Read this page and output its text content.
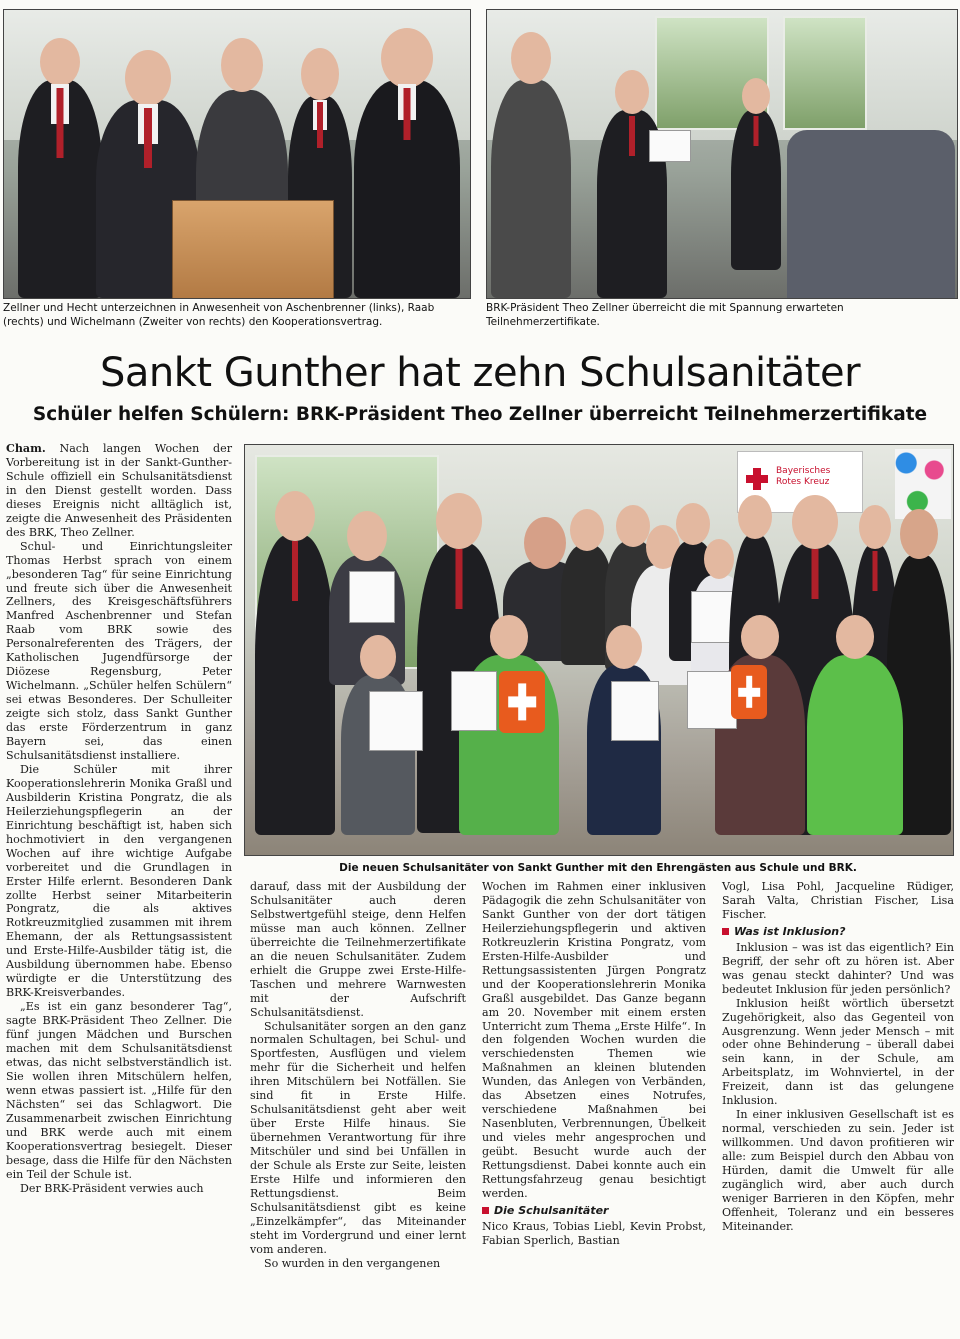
Zellner und Hecht unterzeichnen in Anwesenheit von Aschenbrenner (links), Raab (rechts) und Wichelmann (Zweiter von rechts) den Kooperationsvertrag.
BRK-Präsident Theo Zellner überreicht die mit Spannung erwarteten Teilnehmerzertifikate.
Sankt Gunther hat zehn Schulsanitäter
Schüler helfen Schülern: BRK-Präsident Theo Zellner überreicht Teilnehmerzertifikate

Cham. Nach langen Wochen der Vorbereitung ist in der Sankt-Gunther-Schule offiziell ein Schulsanitätsdienst in den Dienst gestellt worden. Dass dieses Ereignis nicht alltäglich ist, zeigte die Anwesenheit des Präsidenten des BRK, Theo Zellner.

Schul- und Einrichtungsleiter Thomas Herbst sprach von einem „besonderen Tag“ für seine Einrichtung und freute sich über die Anwesenheit Zellners, des Kreisgeschäftsführers Manfred Aschenbrenner und Stefan Raab vom BRK sowie des Personalreferenten des Trägers, der Katholischen Jugendfürsorge der Diözese Regensburg, Peter Wichelmann. „Schüler helfen Schülern“ sei etwas Besonderes. Der Schulleiter zeigte sich stolz, dass Sankt Gunther das erste Förderzentrum in ganz Bayern sei, das einen Schulsanitätsdienst installiere.

Die Schüler mit ihrer Kooperationslehrerin Monika Graßl und Ausbilderin Kristina Pongratz, die als Heilerziehungspflegerin an der Einrichtung beschäftigt ist, haben sich hochmotiviert in den vergangenen Wochen auf ihre wichtige Aufgabe vorbereitet und die Grundlagen in Erster Hilfe erlernt. Besonderen Dank zollte Herbst seiner Mitarbeiterin Pongratz, die als aktives Rotkreuzmitglied zusammen mit ihrem Ehemann, der als Rettungsassistent und Erste-Hilfe-Ausbilder tätig ist, die Ausbildung übernommen habe. Ebenso würdigte er die Unterstützung des BRK-Kreisverbandes.

„Es ist ein ganz besonderer Tag“, sagte BRK-Präsident Theo Zellner. Die fünf jungen Mädchen und Burschen machen mit dem Schulsanitätsdienst etwas, das nicht selbstverständlich ist. Sie wollen ihren Mitschülern helfen, wenn etwas passiert ist. „Hilfe für den Nächsten“ sei das Schlagwort. Die Zusammenarbeit zwischen Einrichtung und BRK werde auch mit einem Kooperationsvertrag besiegelt. Dieser besage, dass die Hilfe für den Nächsten ein Teil der Schule ist.

Der BRK-Präsident verwies auch

Bayerisches Rotes Kreuz
Die neuen Schulsanitäter von Sankt Gunther mit den Ehrengästen aus Schule und BRK.

darauf, dass mit der Ausbildung der Schulsanitäter auch deren Selbstwertgefühl steige, denn Helfen müsse man auch können. Zellner überreichte die Teilnehmerzertifikate an die neuen Schulsanitäter. Zudem erhielt die Gruppe zwei Erste-Hilfe-Taschen und mehrere Warnwesten mit der Aufschrift Schulsanitätsdienst.

Schulsanitäter sorgen an den ganz normalen Schultagen, bei Schul- und Sportfesten, Ausflügen und vielem mehr für die Sicherheit und helfen ihren Mitschülern bei Notfällen. Sie sind fit in Erste Hilfe. Schulsanitätsdienst geht aber weit über Erste Hilfe hinaus. Sie übernehmen Verantwortung für ihre Mitschüler und sind bei Unfällen in der Schule als Erste zur Seite, leisten Erste Hilfe und informieren den Rettungsdienst. Beim Schulsanitätsdienst gibt es keine „Einzelkämpfer“, das Miteinander steht im Vordergrund und einer lernt vom anderen.

So wurden in den vergangenen

Wochen im Rahmen einer inklusiven Pädagogik die zehn Schulsanitäter von Sankt Gunther von der dort tätigen Heilerziehungspflegerin und aktiven Rotkreuzlerin Kristina Pongratz, vom Ersten-Hilfe-Ausbilder und Rettungsassistenten Jürgen Pongratz und der Kooperationslehrerin Monika Graßl ausgebildet. Das Ganze begann am 20. November mit einem ersten Unterricht zum Thema „Erste Hilfe“. In den folgenden Wochen wurden die verschiedensten Themen wie Maßnahmen an kleinen blutenden Wunden, das Anlegen von Verbänden, das Absetzen eines Notrufes, verschiedene Maßnahmen bei Nasenbluten, Verbrennungen, Übelkeit und vieles mehr angesprochen und geübt. Besucht wurde auch der Rettungsdienst. Dabei konnte auch ein Rettungsfahrzeug genau besichtigt werden.

Die Schulsanitäter

Nico Kraus, Tobias Liebl, Kevin Probst, Fabian Sperlich, Bastian

Vogl, Lisa Pohl, Jacqueline Rüdiger, Sarah Valta, Christian Fischer, Lisa Fischer.

Was ist Inklusion?

Inklusion – was ist das eigentlich? Ein Begriff, der sehr oft zu hören ist. Aber was genau steckt dahinter? Und was bedeutet Inklusion für jeden persönlich?

Inklusion heißt wörtlich übersetzt Zugehörigkeit, also das Gegenteil von Ausgrenzung. Wenn jeder Mensch – mit oder ohne Behinderung – überall dabei sein kann, in der Schule, am Arbeitsplatz, im Wohnviertel, in der Freizeit, dann ist das gelungene Inklusion.

In einer inklusiven Gesellschaft ist es normal, verschieden zu sein. Jeder ist willkommen. Und davon profitieren wir alle: zum Beispiel durch den Abbau von Hürden, damit die Umwelt für alle zugänglich wird, aber auch durch weniger Barrieren in den Köpfen, mehr Offenheit, Toleranz und ein besseres Miteinander.
